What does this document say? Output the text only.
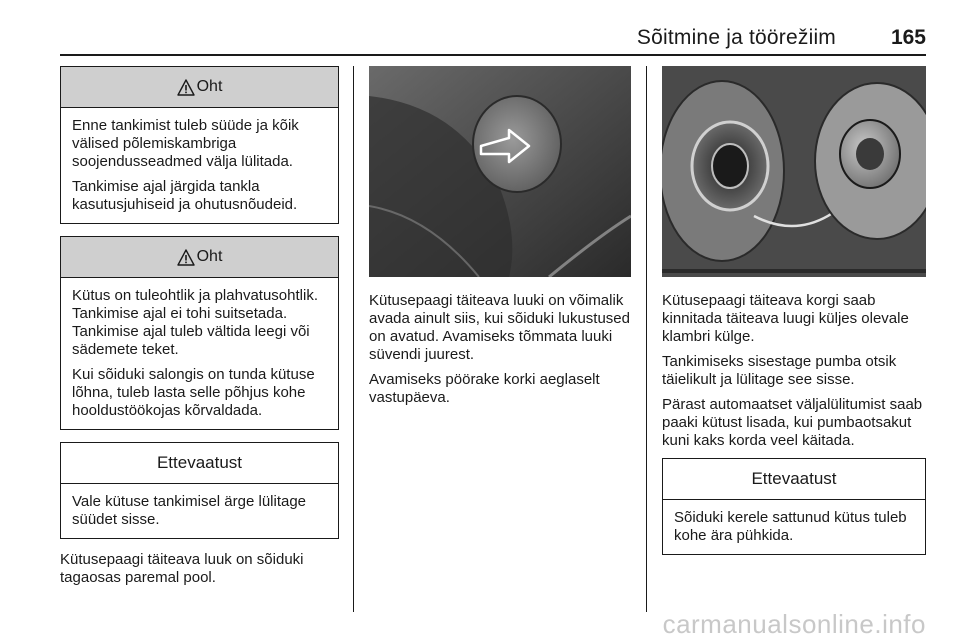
Sõitmine ja töörežiim	165
Oht

Enne tankimist tuleb süüde ja kõik välised põlemiskambriga soojendusseadmed välja lülitada.

Tankimise ajal järgida tankla kasutusjuhiseid ja ohutusnõudeid.

Oht

Kütus on tuleohtlik ja plahvatusohtlik. Tankimise ajal ei tohi suitsetada. Tankimise ajal tuleb vältida leegi või sädemete teket.

Kui sõiduki salongis on tunda kütuse lõhna, tuleb lasta selle põhjus kohe hooldustöökojas kõrvaldada.

Ettevaatust

Vale kütuse tankimisel ärge lülitage süüdet sisse.

Kütusepaagi täiteava luuk on sõiduki tagaosas paremal pool.

Kütusepaagi täiteava luuki on võimalik avada ainult siis, kui sõiduki lukustused on avatud. Avamiseks tõmmata luuki süvendi juurest.

Avamiseks pöörake korki aeglaselt vastupäeva.

Kütusepaagi täiteava korgi saab kinnitada täiteava luugi küljes olevale klambri külge.

Tankimiseks sisestage pumba otsik täielikult ja lülitage see sisse.

Pärast automaatset väljalülitumist saab paaki kütust lisada, kui pumbaotsakut kuni kaks korda veel käitada.

Ettevaatust

Sõiduki kerele sattunud kütus tuleb kohe ära pühkida.

carmanualsonline.info
